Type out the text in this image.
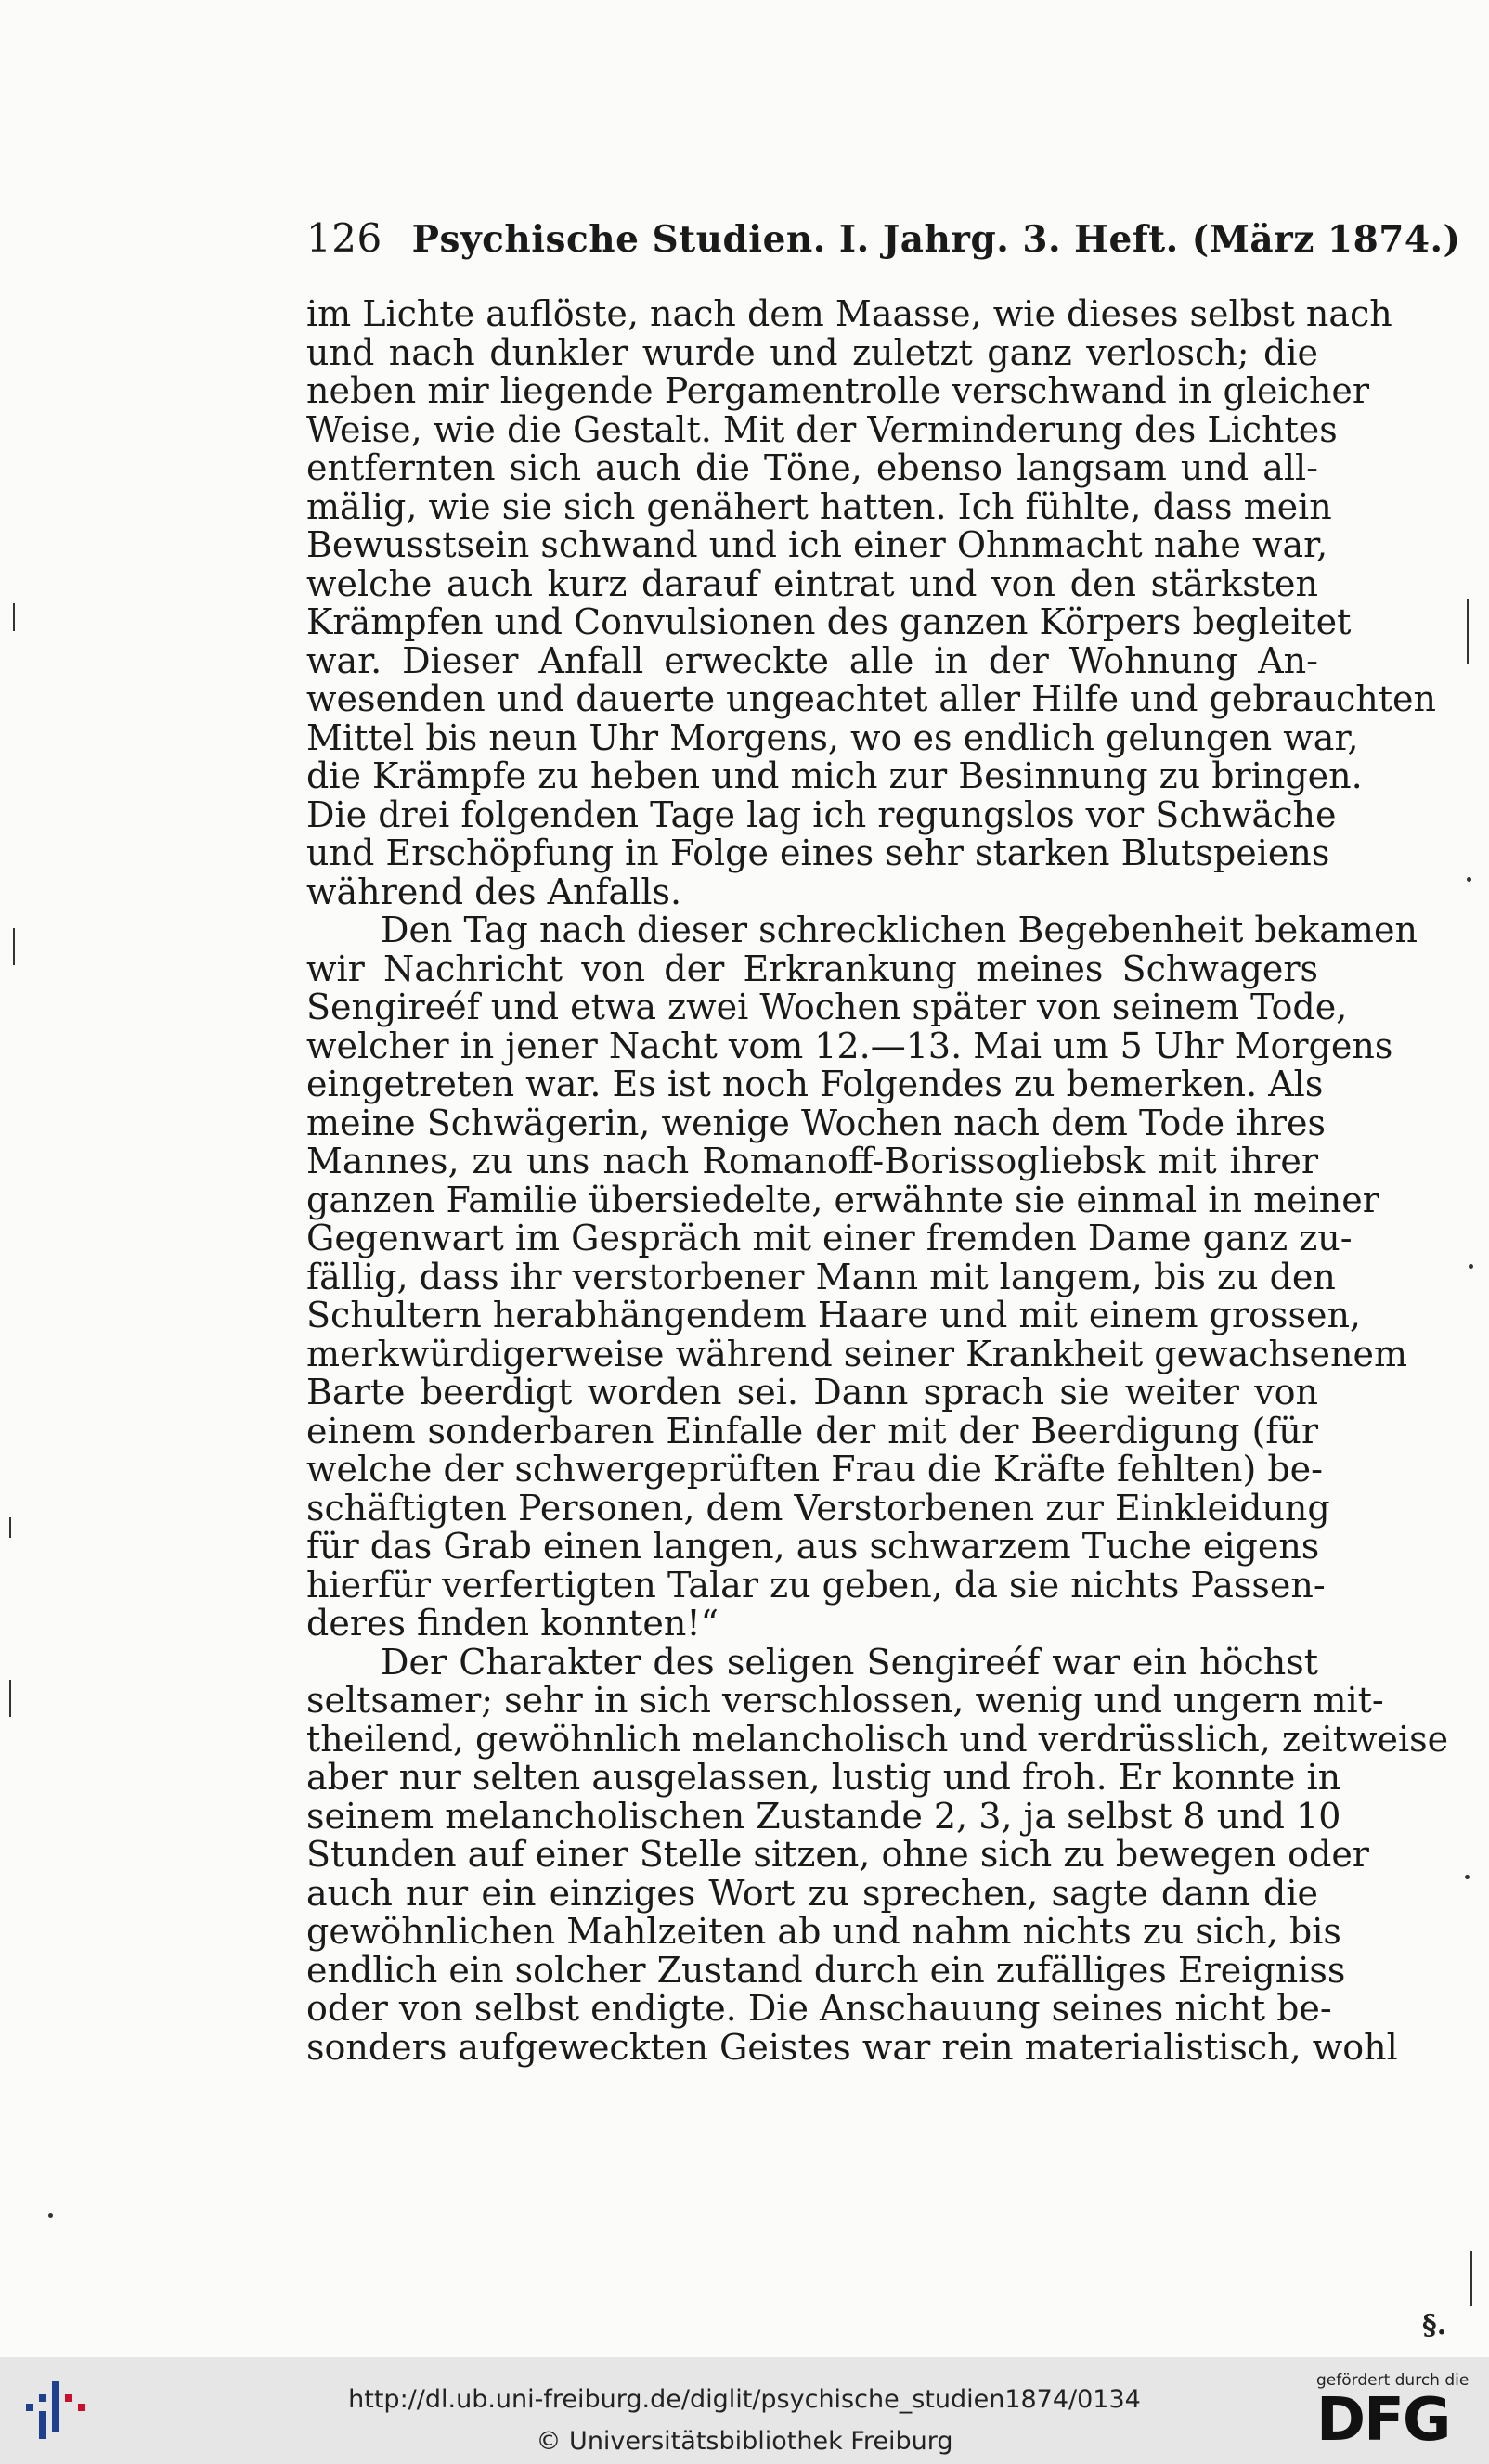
126 Psychische Studien. I. Jahrg. 3. Heft. (März 1874.)
im Lichte auflöste, nach dem Maasse, wie dieses selbst nach
und nach dunkler wurde und zuletzt ganz verlosch; die
neben mir liegende Pergamentrolle verschwand in gleicher
Weise, wie die Gestalt. Mit der Verminderung des Lichtes
entfernten sich auch die Töne, ebenso langsam und all-
mälig, wie sie sich genähert hatten. Ich fühlte, dass mein
Bewusstsein schwand und ich einer Ohnmacht nahe war,
welche auch kurz darauf eintrat und von den stärksten
Krämpfen und Convulsionen des ganzen Körpers begleitet
war. Dieser Anfall erweckte alle in der Wohnung An-
wesenden und dauerte ungeachtet aller Hilfe und gebrauchten
Mittel bis neun Uhr Morgens, wo es endlich gelungen war,
die Krämpfe zu heben und mich zur Besinnung zu bringen.
Die drei folgenden Tage lag ich regungslos vor Schwäche
und Erschöpfung in Folge eines sehr starken Blutspeiens
während des Anfalls.
Den Tag nach dieser schrecklichen Begebenheit bekamen
wir Nachricht von der Erkrankung meines Schwagers
Sengireéf und etwa zwei Wochen später von seinem Tode,
welcher in jener Nacht vom 12.—13. Mai um 5 Uhr Morgens
eingetreten war. Es ist noch Folgendes zu bemerken. Als
meine Schwägerin, wenige Wochen nach dem Tode ihres
Mannes, zu uns nach Romanoff-Borissogliebsk mit ihrer
ganzen Familie übersiedelte, erwähnte sie einmal in meiner
Gegenwart im Gespräch mit einer fremden Dame ganz zu-
fällig, dass ihr verstorbener Mann mit langem, bis zu den
Schultern herabhängendem Haare und mit einem grossen,
merkwürdigerweise während seiner Krankheit gewachsenem
Barte beerdigt worden sei. Dann sprach sie weiter von
einem sonderbaren Einfalle der mit der Beerdigung (für
welche der schwergeprüften Frau die Kräfte fehlten) be-
schäftigten Personen, dem Verstorbenen zur Einkleidung
für das Grab einen langen, aus schwarzem Tuche eigens
hierfür verfertigten Talar zu geben, da sie nichts Passen-
deres finden konnten!“
Der Charakter des seligen Sengireéf war ein höchst
seltsamer; sehr in sich verschlossen, wenig und ungern mit-
theilend, gewöhnlich melancholisch und verdrüsslich, zeitweise
aber nur selten ausgelassen, lustig und froh. Er konnte in
seinem melancholischen Zustande 2, 3, ja selbst 8 und 10
Stunden auf einer Stelle sitzen, ohne sich zu bewegen oder
auch nur ein einziges Wort zu sprechen, sagte dann die
gewöhnlichen Mahlzeiten ab und nahm nichts zu sich, bis
endlich ein solcher Zustand durch ein zufälliges Ereigniss
oder von selbst endigte. Die Anschauung seines nicht be-
sonders aufgeweckten Geistes war rein materialistisch, wohl
§.
http://dl.ub.uni-freiburg.de/diglit/psychische_studien1874/0134
© Universitätsbibliothek Freiburg
gefördert durch die
DFG
